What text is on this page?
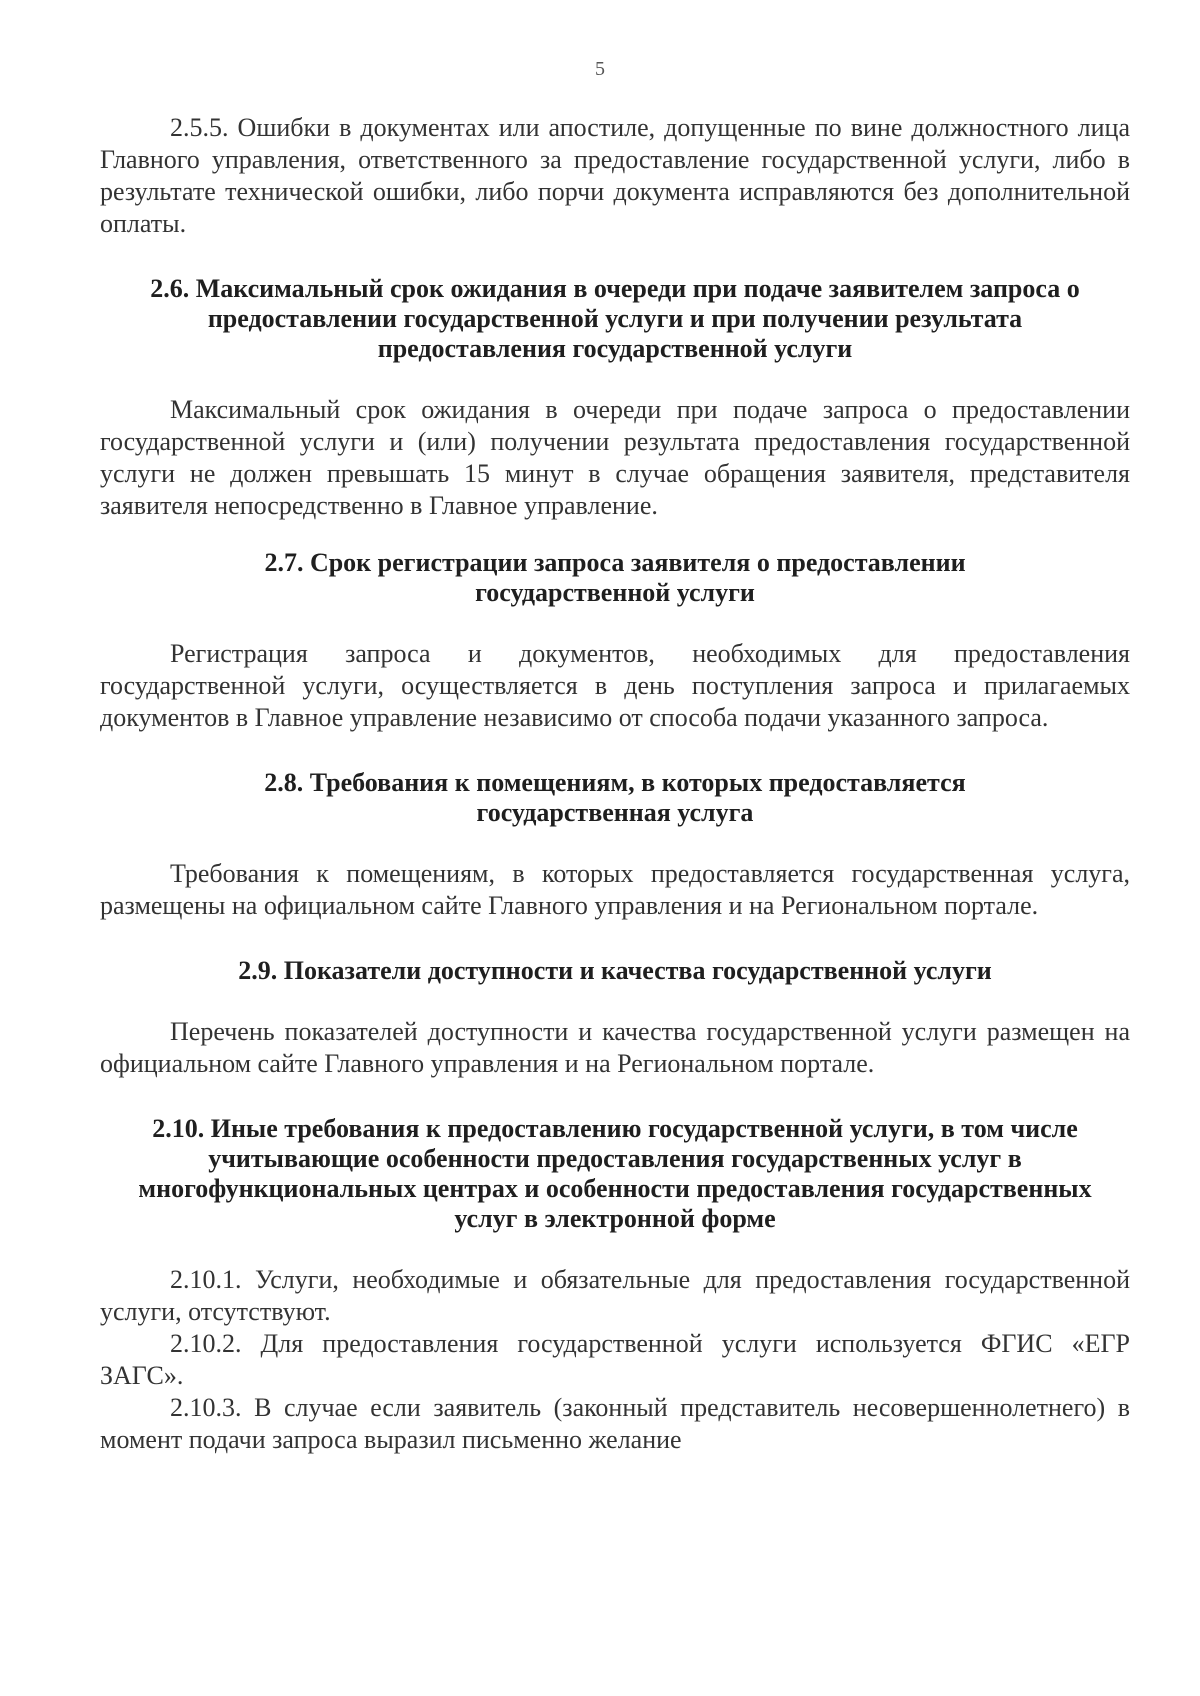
5

2.5.5. Ошибки в документах или апостиле, допущенные по вине должностного лица Главного управления, ответственного за предоставление государственной услуги, либо в результате технической ошибки, либо порчи документа исправляются без дополнительной оплаты.

2.6. Максимальный срок ожидания в очереди при подаче заявителем запроса о предоставлении государственной услуги и при получении результата предоставления государственной услуги

Максимальный срок ожидания в очереди при подаче запроса о предоставлении государственной услуги и (или) получении результата предоставления государственной услуги не должен превышать 15 минут в случае обращения заявителя, представителя заявителя непосредственно в Главное управление.

2.7. Срок регистрации запроса заявителя о предоставлении государственной услуги

Регистрация запроса и документов, необходимых для предоставления государственной услуги, осуществляется в день поступления запроса и прилагаемых документов в Главное управление независимо от способа подачи указанного запроса.

2.8. Требования к помещениям, в которых предоставляется государственная услуга

Требования к помещениям, в которых предоставляется государственная услуга, размещены на официальном сайте Главного управления и на Региональном портале.

2.9. Показатели доступности и качества государственной услуги

Перечень показателей доступности и качества государственной услуги размещен на официальном сайте Главного управления и на Региональном портале.

2.10. Иные требования к предоставлению государственной услуги, в том числе учитывающие особенности предоставления государственных услуг в многофункциональных центрах и особенности предоставления государственных услуг в электронной форме

2.10.1. Услуги, необходимые и обязательные для предоставления государственной услуги, отсутствуют.

2.10.2. Для предоставления государственной услуги используется ФГИС «ЕГР ЗАГС».

2.10.3. В случае если заявитель (законный представитель несовершеннолетнего) в момент подачи запроса выразил письменно желание
